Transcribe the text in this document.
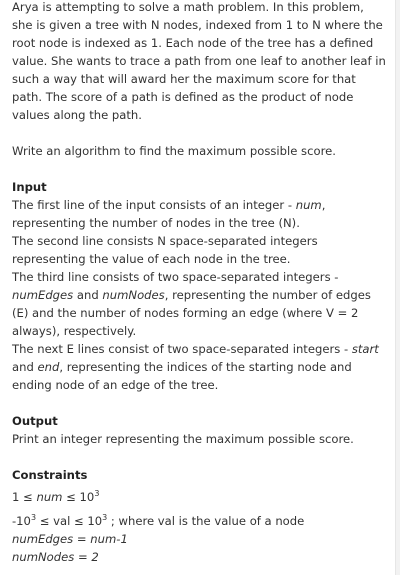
Arya is attempting to solve a math problem. In this problem, she is given a tree with N nodes, indexed from 1 to N where the root node is indexed as 1. Each node of the tree has a defined value. She wants to trace a path from one leaf to another leaf in such a way that will award her the maximum score for that path. The score of a path is defined as the product of node values along the path.

Write an algorithm to find the maximum possible score.

Input

The first line of the input consists of an integer - num, representing the number of nodes in the tree (N).

The second line consists N space-separated integers representing the value of each node in the tree.

The third line consists of two space-separated integers - numEdges and numNodes, representing the number of edges (E) and the number of nodes forming an edge (where V = 2 always), respectively.

The next E lines consist of two space-separated integers - start and end, representing the indices of the starting node and ending node of an edge of the tree.

Output

Print an integer representing the maximum possible score.

Constraints

1 ≤ num ≤ $10^3$

$-10^3$ ≤ val ≤ $10^3$ ; where val is the value of a node

numEdges = num-1

numNodes = 2
